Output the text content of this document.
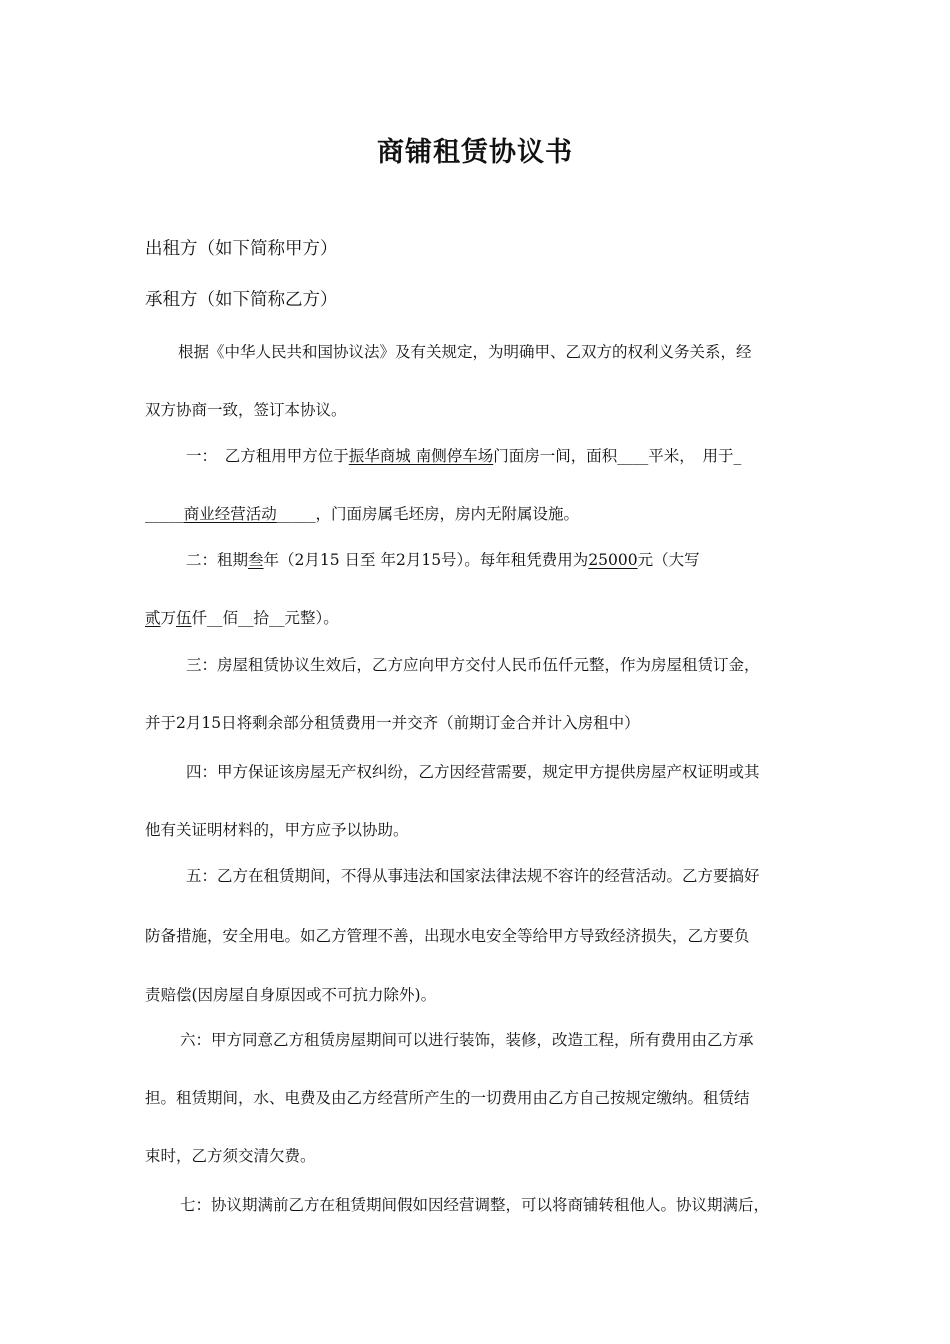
商铺租赁协议书
出租方（如下简称甲方）
承租方（如下简称乙方）
根据《中华人民共和国协议法》及有关规定，为明确甲、乙双方的权利义务关系，经
双方协商一致，签订本协议。
一：　乙方租用甲方位于振华商城 南侧停车场门面房一间，面积____平米，　用于_
_____商业经营活动_____，门面房属毛坯房，房内无附属设施。
二：租期叁年（2月15 日至 年2月15号）。每年租凭费用为25000元（大写
贰万伍仟__佰__拾__元整）。
三：房屋租赁协议生效后，乙方应向甲方交付人民币伍仟元整，作为房屋租赁订金，
并于2月15日将剩余部分租赁费用一并交齐（前期订金合并计入房租中）
四：甲方保证该房屋无产权纠纷，乙方因经营需要，规定甲方提供房屋产权证明或其
他有关证明材料的，甲方应予以协助。
五：乙方在租赁期间，不得从事违法和国家法律法规不容许的经营活动。乙方要搞好
防备措施，安全用电。如乙方管理不善，出现水电安全等给甲方导致经济损失，乙方要负
责赔偿(因房屋自身原因或不可抗力除外)。
六：甲方同意乙方租赁房屋期间可以进行装饰，装修，改造工程，所有费用由乙方承
担。租赁期间，水、电费及由乙方经营所产生的一切费用由乙方自己按规定缴纳。租赁结
束时，乙方须交清欠费。
七：协议期满前乙方在租赁期间假如因经营调整，可以将商铺转租他人。协议期满后，
